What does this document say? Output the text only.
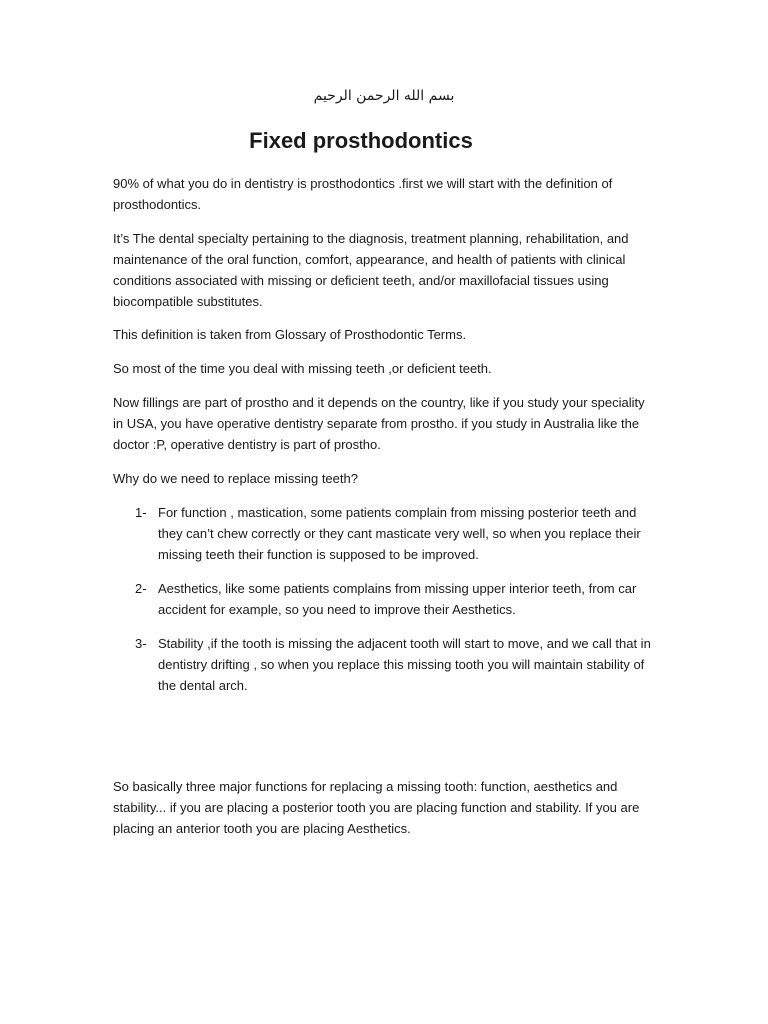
بسم الله الرحمن الرحيم
Fixed prosthodontics

90% of what you do in dentistry is prosthodontics .first we will start with the definition of prosthodontics.

It’s The dental specialty pertaining to the diagnosis, treatment planning, rehabilitation, and maintenance of the oral function, comfort, appearance, and health of patients with clinical conditions associated with missing or deficient teeth, and/or maxillofacial tissues using biocompatible substitutes.

This definition is taken from Glossary of Prosthodontic Terms.

So most of the time you deal with missing teeth ,or deficient teeth.

Now fillings are part of prostho and it depends on the country, like if you study your speciality in USA, you have operative dentistry separate from prostho. if you study in Australia like the doctor :P, operative dentistry is part of prostho.

Why do we need to replace missing teeth?

1- For function , mastication, some patients complain from missing posterior teeth and they can’t chew correctly or they cant masticate very well, so when you replace their missing teeth their function is supposed to be improved.
2- Aesthetics, like some patients complains from missing upper interior teeth, from car accident for example, so you need to improve their Aesthetics.
3- Stability ,if the tooth is missing the adjacent tooth will start to move, and we call that in dentistry drifting , so when you replace this missing tooth you will maintain stability of the dental arch.

So basically three major functions for replacing a missing tooth: function, aesthetics and stability... if you are placing a posterior tooth you are placing function and stability. If you are placing an anterior tooth you are placing Aesthetics.
